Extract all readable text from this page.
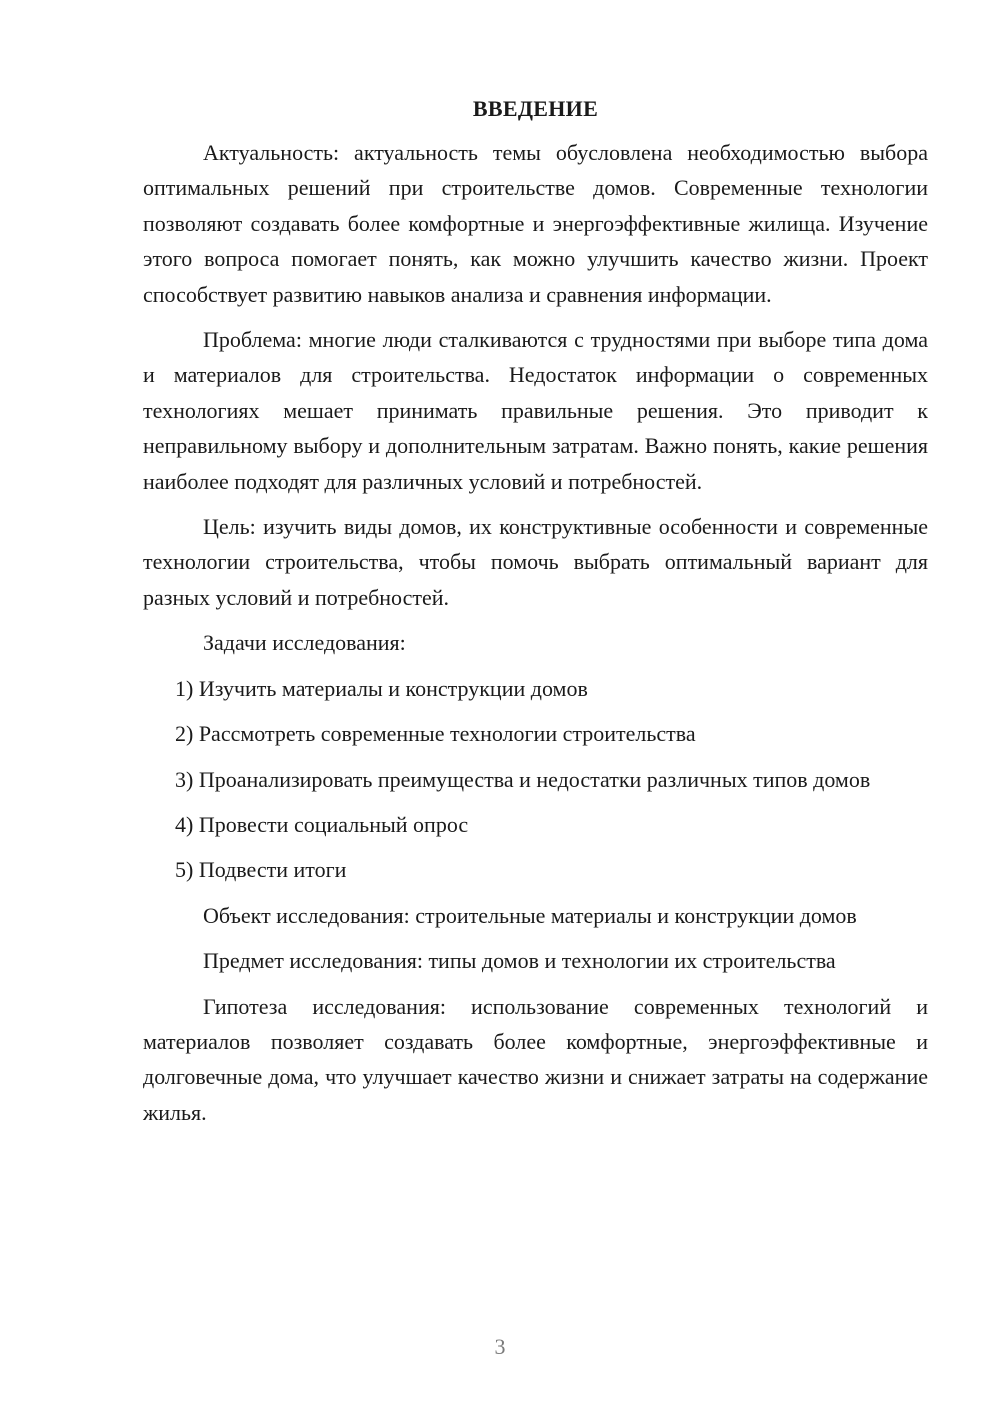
ВВЕДЕНИЕ

Актуальность: актуальность темы обусловлена необходимостью выбора оптимальных решений при строительстве домов. Современные технологии позволяют создавать более комфортные и энергоэффективные жилища. Изучение этого вопроса помогает понять, как можно улучшить качество жизни. Проект способствует развитию навыков анализа и сравнения информации.

Проблема: многие люди сталкиваются с трудностями при выборе типа дома и материалов для строительства. Недостаток информации о современных технологиях мешает принимать правильные решения. Это приводит к неправильному выбору и дополнительным затратам. Важно понять, какие решения наиболее подходят для различных условий и потребностей.

Цель: изучить виды домов, их конструктивные особенности и современные технологии строительства, чтобы помочь выбрать оптимальный вариант для разных условий и потребностей.

Задачи исследования:

1) Изучить материалы и конструкции домов

2) Рассмотреть современные технологии строительства

3) Проанализировать преимущества и недостатки различных типов домов

4) Провести социальный опрос

5) Подвести итоги

Объект исследования: строительные материалы и конструкции домов

Предмет исследования: типы домов и технологии их строительства

Гипотеза исследования: использование современных технологий и материалов позволяет создавать более комфортные, энергоэффективные и долговечные дома, что улучшает качество жизни и снижает затраты на содержание жилья.

3
